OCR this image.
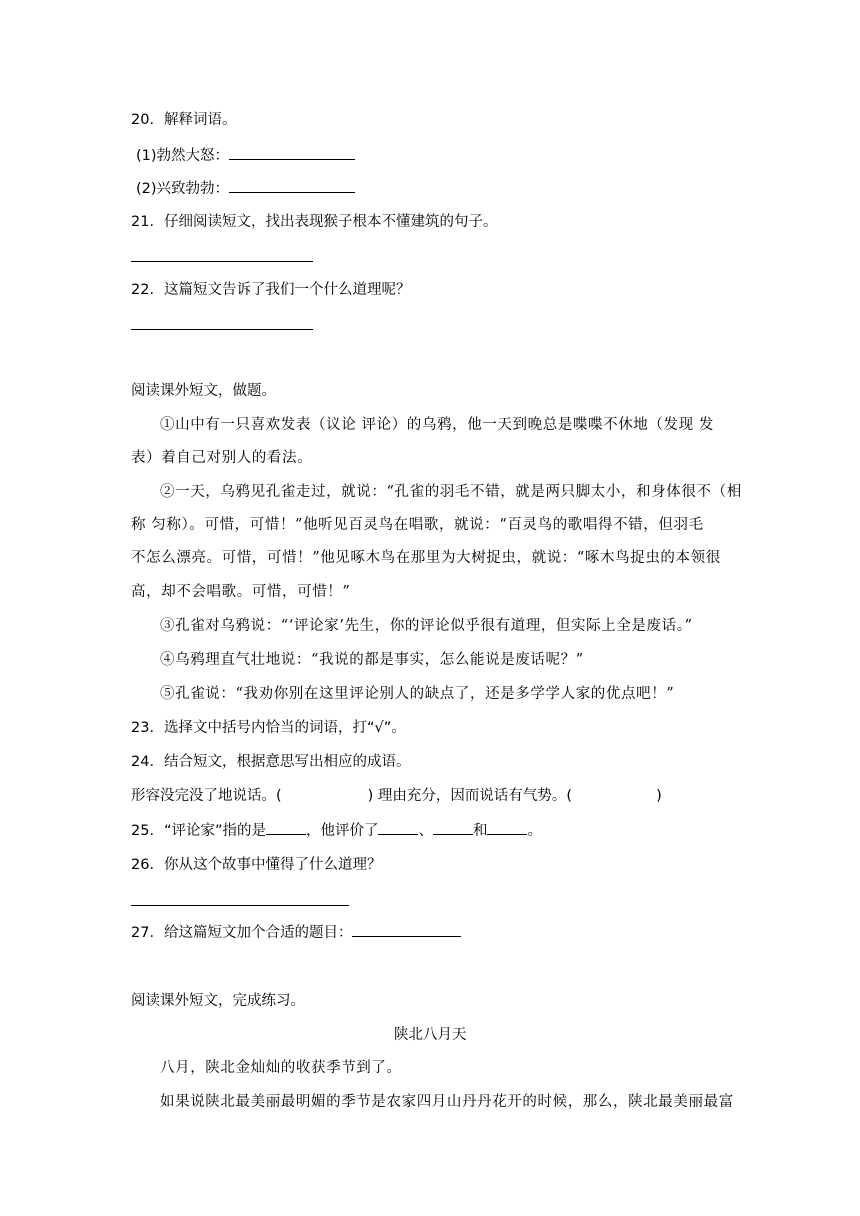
20．解释词语。
(1)勃然大怒：
(2)兴致勃勃：
21．仔细阅读短文，找出表现猴子根本不懂建筑的句子。
22．这篇短文告诉了我们一个什么道理呢？
阅读课外短文，做题。
①山中有一只喜欢发表（议论 评论）的乌鸦，他一天到晚总是喋喋不休地（发现 发
表）着自己对别人的看法。
②一天，乌鸦见孔雀走过，就说：“孔雀的羽毛不错，就是两只脚太小，和身体很不（相
称 匀称）。可惜，可惜！”他听见百灵鸟在唱歌，就说：“百灵鸟的歌唱得不错，但羽毛
不怎么漂亮。可惜，可惜！”他见啄木鸟在那里为大树捉虫，就说：“啄木鸟捉虫的本领很
高，却不会唱歌。可惜，可惜！”
③孔雀对乌鸦说：“‘评论家’先生，你的评论似乎很有道理，但实际上全是废话。”
④乌鸦理直气壮地说：“我说的都是事实，怎么能说是废话呢？”
⑤孔雀说：“我劝你别在这里评论别人的缺点了，还是多学学人家的优点吧！”
23．选择文中括号内恰当的词语，打“√”。
24．结合短文，根据意思写出相应的成语。
形容没完没了地说话。(	) 理由充分，因而说话有气势。(	)
25．“评论家”指的是	，他评价了	、	和	。
26．你从这个故事中懂得了什么道理？
27．给这篇短文加个合适的题目：
阅读课外短文，完成练习。
陕北八月天
八月，陕北金灿灿的收获季节到了。
如果说陕北最美丽最明媚的季节是农家四月山丹丹花开的时候，那么，陕北最美丽最富
